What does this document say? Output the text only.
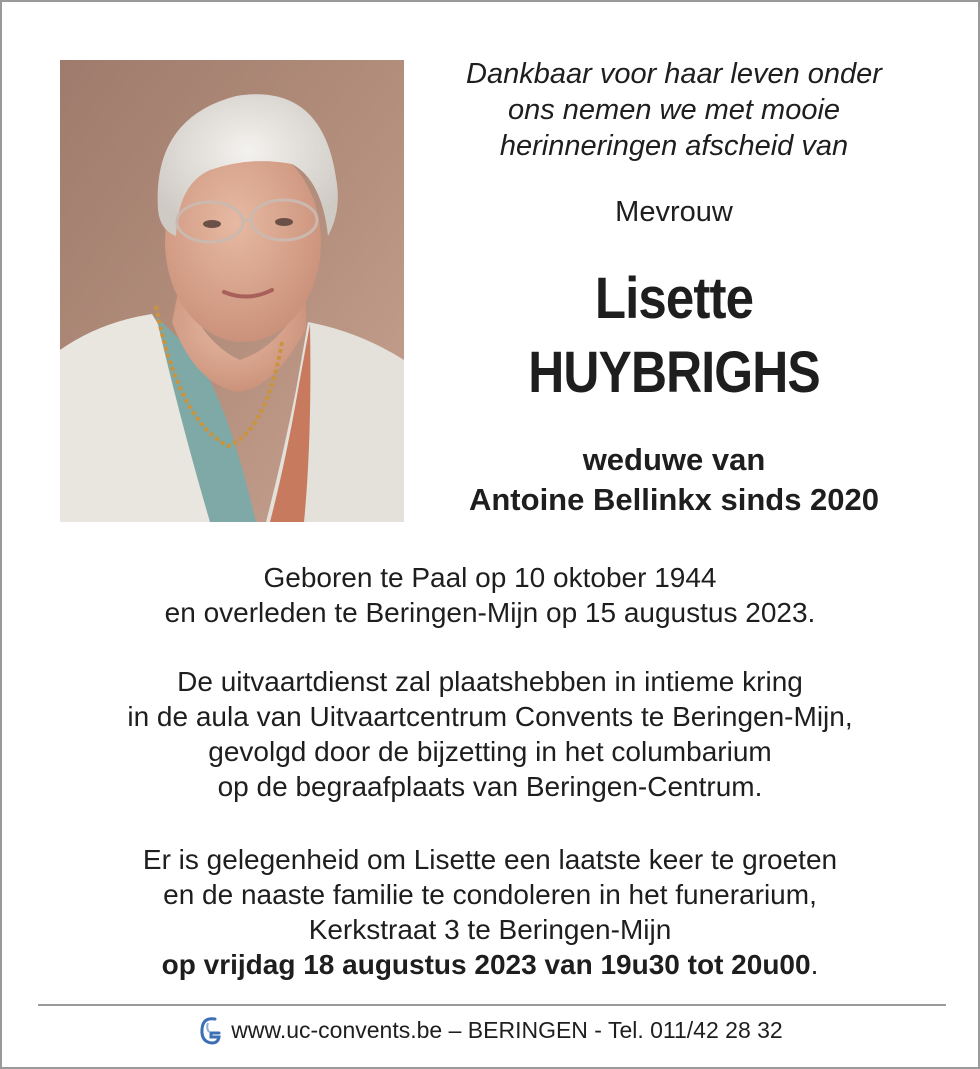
Dankbaar voor haar leven onder
ons nemen we met mooie
herinneringen afscheid van
Mevrouw
Lisette
HUYBRIGHS
weduwe van
Antoine Bellinkx sinds 2020
Geboren te Paal op 10 oktober 1944
en overleden te Beringen-Mijn op 15 augustus 2023.
De uitvaartdienst zal plaatshebben in intieme kring
in de aula van Uitvaartcentrum Convents te Beringen-Mijn,
gevolgd door de bijzetting in het columbarium
op de begraafplaats van Beringen-Centrum.
Er is gelegenheid om Lisette een laatste keer te groeten
en de naaste familie te condoleren in het funerarium,
Kerkstraat 3 te Beringen-Mijn
op vrijdag 18 augustus 2023 van 19u30 tot 20u00.
www.uc-convents.be – BERINGEN - Tel. 011/42 28 32
